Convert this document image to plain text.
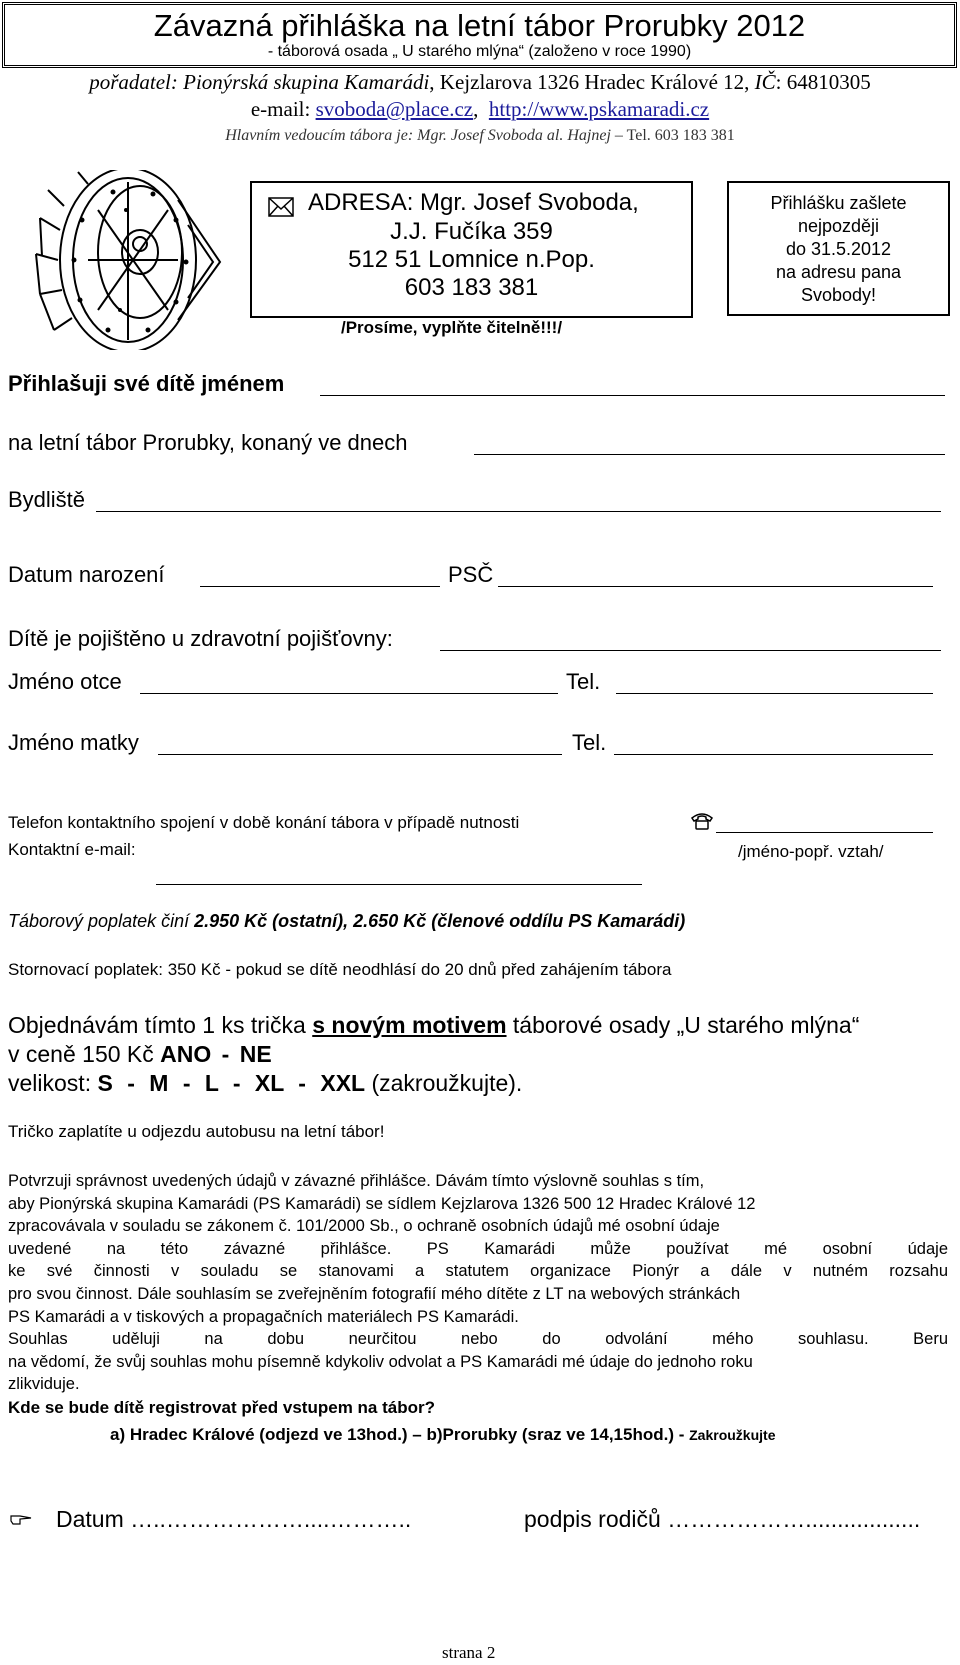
Závazná přihláška na letní tábor Prorubky 2012
- táborová osada „ U starého mlýna“ (založeno v roce 1990)
pořadatel: Pionýrská skupina Kamarádi, Kejzlarova 1326 Hradec Králové 12, IČ: 64810305
e-mail: svoboda@place.cz, http://www.pskamaradi.cz
Hlavním vedoucím tábora je: Mgr. Josef Svoboda al. Hajnej – Tel. 603 183 381
ADRESA: Mgr. Josef Svoboda,
J.J. Fučíka 359
512 51 Lomnice n.Pop.
603 183 381
/Prosíme, vyplňte čitelně!!!/
Přihlášku zašlete
nejpozději
do 31.5.2012
na adresu pana
Svobody!
Přihlašuji své dítě jménem
na letní tábor Prorubky, konaný ve dnech
Bydliště
Datum narození	PSČ
Dítě je pojištěno u zdravotní pojišťovny:
Jméno otce	Tel.
Jméno matky	Tel.
Telefon kontaktního spojení v době konání tábora v případě nutnosti
Kontaktní e-mail:	/jméno-popř. vztah/
Táborový poplatek činí 2.950 Kč (ostatní), 2.650 Kč (členové oddílu PS Kamarádi)
Stornovací poplatek: 350 Kč - pokud se dítě neodhlásí do 20 dnů před zahájením tábora
Objednávám tímto 1 ks trička s novým motivem táborové osady „U starého mlýna“
v ceně 150 Kč ANO - NE
velikost: S - M - L - XL - XXL (zakroužkujte).
Tričko zaplatíte u odjezdu autobusu na letní tábor!
Potvrzuji správnost uvedených údajů v závazné přihlášce. Dávám tímto výslovně souhlas s tím,
aby Pionýrská skupina Kamarádi (PS Kamarádi) se sídlem Kejzlarova 1326 500 12 Hradec Králové 12
zpracovávala v souladu se zákonem č. 101/2000 Sb., o ochraně osobních údajů mé osobní údaje
uvedené na této závazné přihlášce. PS Kamarádi může používat mé osobní údaje
ke své činnosti v souladu se stanovami a statutem organizace Pionýr a dále v nutném rozsahu
pro svou činnost. Dále souhlasím se zveřejněním fotografií mého dítěte z LT na webových stránkách
PS Kamarádi a v tiskových a propagačních materiálech PS Kamarádi.
Souhlas uděluji na dobu neurčitou nebo do odvolání mého souhlasu. Beru
na vědomí, že svůj souhlas mohu písemně kdykoliv odvolat a PS Kamarádi mé údaje do jednoho roku
zlikviduje.
Kde se bude dítě registrovat před vstupem na tábor?
a) Hradec Králové (odjezd ve 13hod.) – b)Prorubky (sraz ve 14,15hod.) - Zakroužkujte
Datum …..………………....………..	podpis rodičů ………………..................
strana 2
